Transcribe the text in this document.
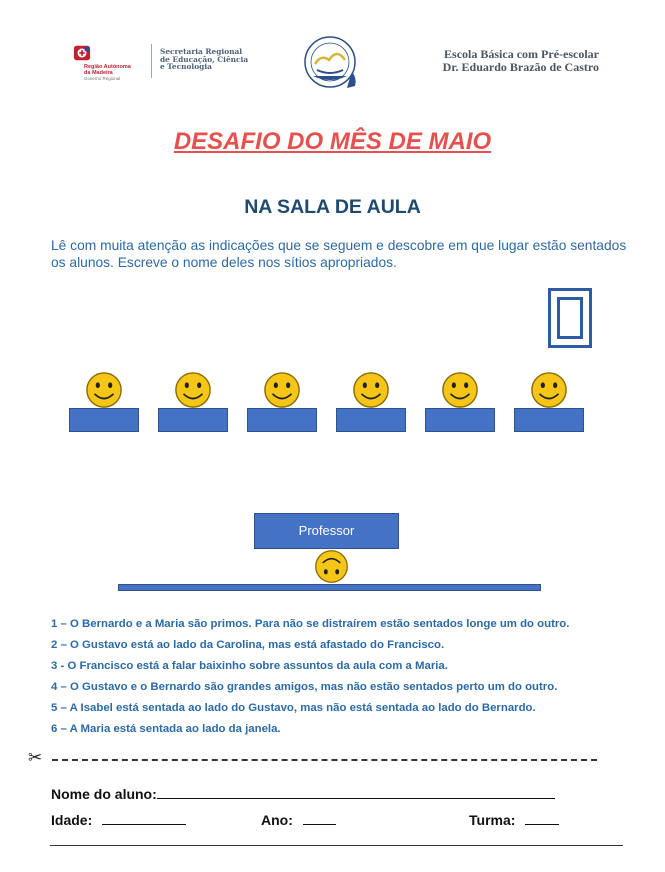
Região Autónoma
da Madeira
Governo Regional
Secretaria Regional
de Educação, Ciência
e Tecnologia
Escola Básica com Pré-escolar
Dr. Eduardo Brazão de Castro
DESAFIO DO MÊS DE MAIO
NA SALA DE AULA
Lê com muita atenção as indicações que se seguem e descobre em que lugar estão sentados os alunos. Escreve o nome deles nos sítios apropriados.
Professor
1 – O Bernardo e a Maria são primos. Para não se distraírem estão sentados longe um do outro.
2 – O Gustavo está ao lado da Carolina, mas está afastado do Francisco.
3 - O Francisco está a falar baixinho sobre assuntos da aula com a Maria.
4 – O Gustavo e o Bernardo são grandes amigos, mas não estão sentados perto um do outro.
5 – A Isabel está sentada ao lado do Gustavo, mas não está sentada ao lado do Bernardo.
6 – A Maria está sentada ao lado da janela.
✂
Nome do aluno:
Idade:	Ano:	Turma:
